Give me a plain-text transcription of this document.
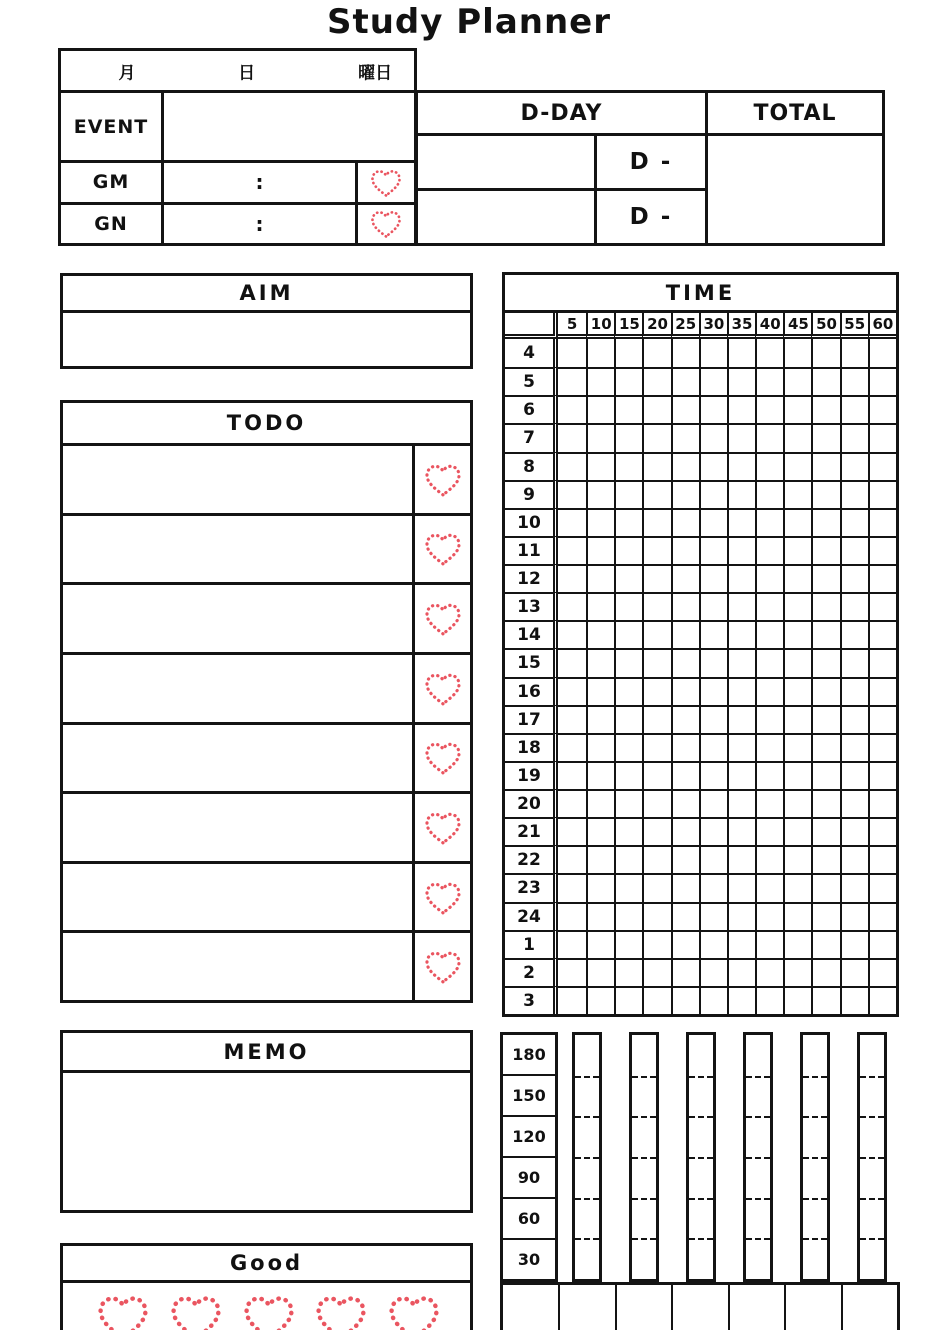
Study Planner
月	日	曜日
EVENT
GM	:
GN	:
D-DAY	TOTAL
D -
D -
AIM
TODO
MEMO
Good
TIME
5 10 15 20 25 30 35 40 45 50 55 60
4
5
6
7
8
9
10
11
12
13
14
15
16
17
18
19
20
21
22
23
24
1
2
3
180
150
120
90
60
30
